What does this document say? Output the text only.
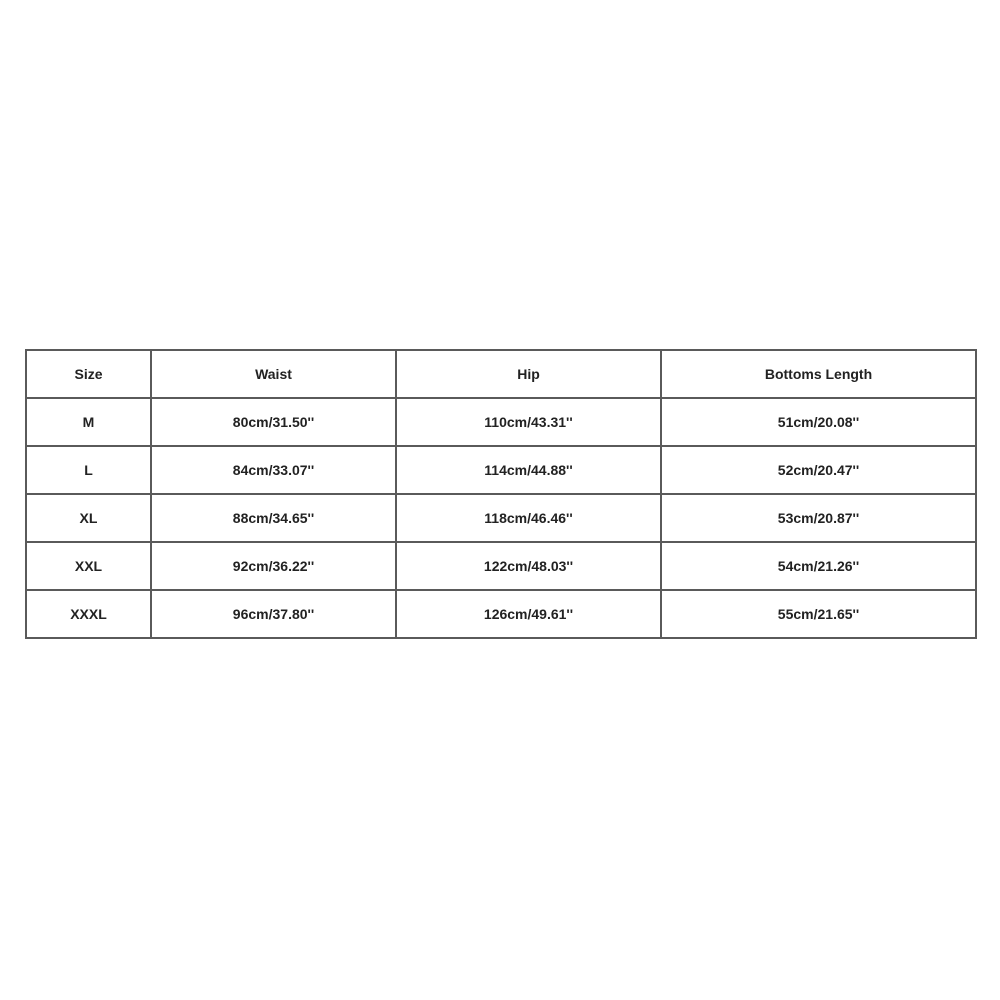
Size	Waist	Hip	Bottoms Length
M	80cm/31.50''	110cm/43.31''	51cm/20.08''
L	84cm/33.07''	114cm/44.88''	52cm/20.47''
XL	88cm/34.65''	118cm/46.46''	53cm/20.87''
XXL	92cm/36.22''	122cm/48.03''	54cm/21.26''
XXXL	96cm/37.80''	126cm/49.61''	55cm/21.65''
